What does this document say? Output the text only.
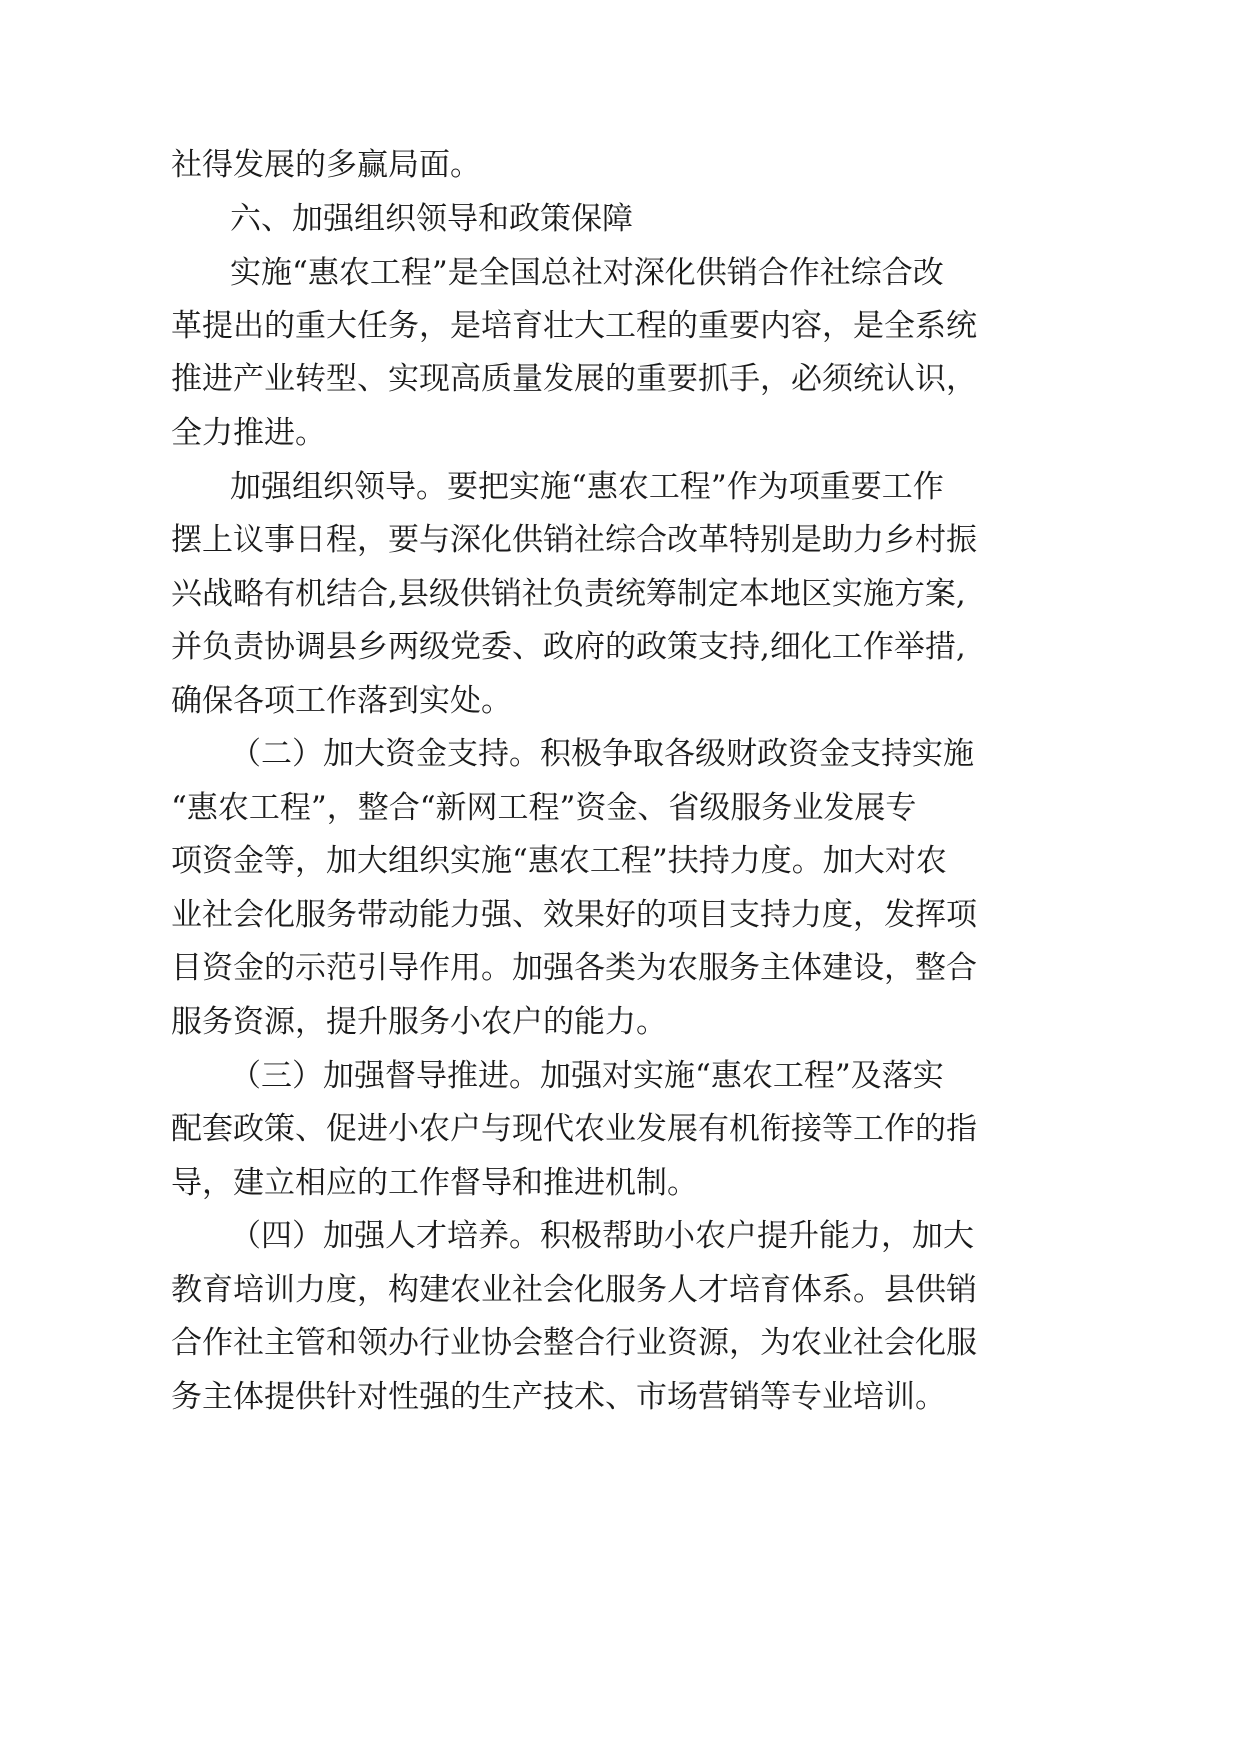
社得发展的多赢局面。

六、加强组织领导和政策保障

实施“惠农工程”是全国总社对深化供销合作社综合改

革提出的重大任务，是培育壮大工程的重要内容，是全系统

推进产业转型、实现高质量发展的重要抓手，必须统认识，

全力推进。

加强组织领导。要把实施“惠农工程”作为项重要工作

摆上议事日程，要与深化供销社综合改革特别是助力乡村振

兴战略有机结合,县级供销社负责统筹制定本地区实施方案,

并负责协调县乡两级党委、政府的政策支持,细化工作举措,

确保各项工作落到实处。

（二）加大资金支持。积极争取各级财政资金支持实施

“惠农工程”，整合“新网工程”资金、省级服务业发展专

项资金等，加大组织实施“惠农工程”扶持力度。加大对农

业社会化服务带动能力强、效果好的项目支持力度，发挥项

目资金的示范引导作用。加强各类为农服务主体建设，整合

服务资源，提升服务小农户的能力。

（三）加强督导推进。加强对实施“惠农工程”及落实

配套政策、促进小农户与现代农业发展有机衔接等工作的指

导，建立相应的工作督导和推进机制。

（四）加强人才培养。积极帮助小农户提升能力，加大

教育培训力度，构建农业社会化服务人才培育体系。县供销

合作社主管和领办行业协会整合行业资源，为农业社会化服

务主体提供针对性强的生产技术、市场营销等专业培训。
